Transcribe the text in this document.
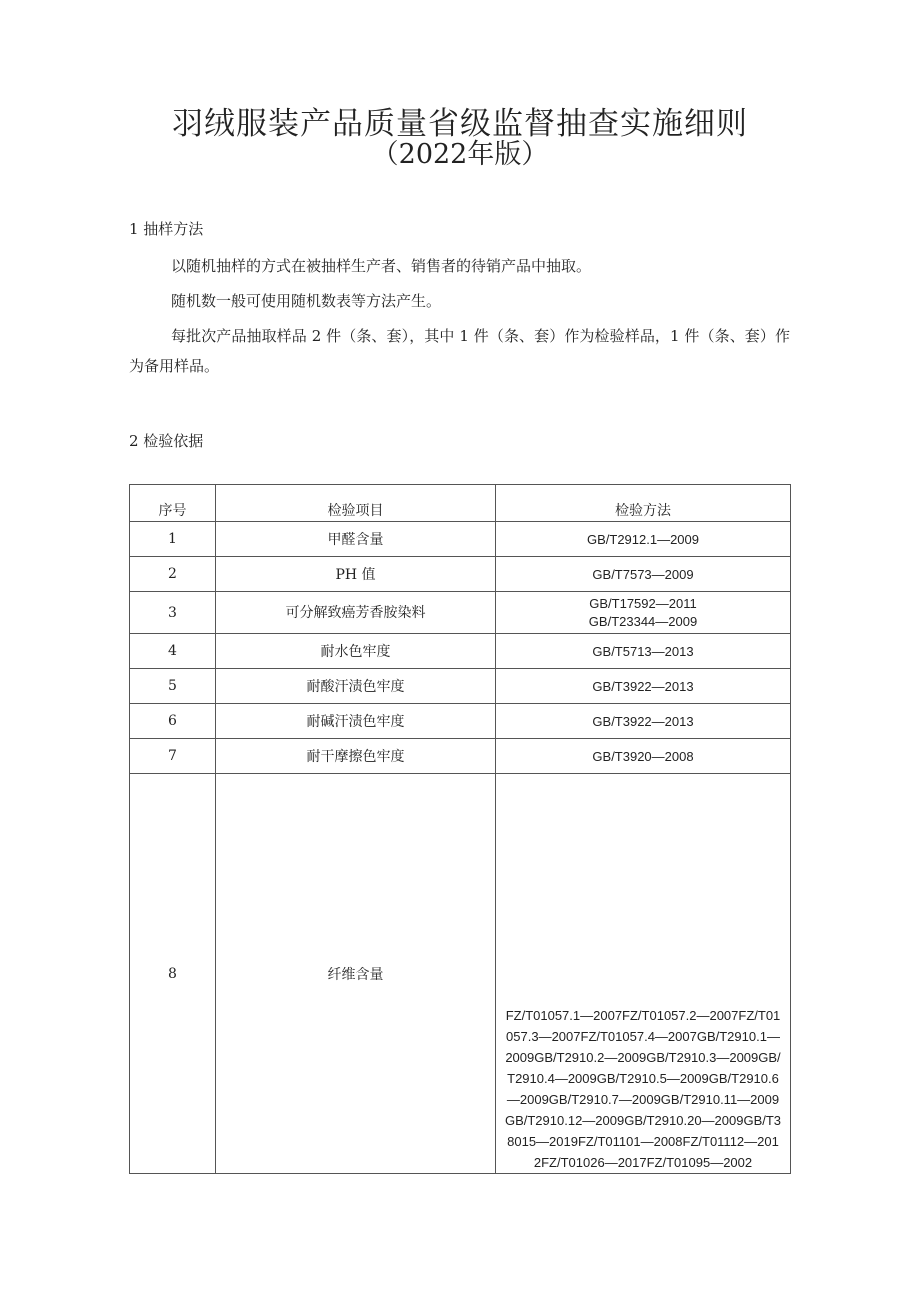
羽绒服装产品质量省级监督抽查实施细则
（2022年版）
1 抽样方法
以随机抽样的方式在被抽样生产者、销售者的待销产品中抽取。
随机数一般可使用随机数表等方法产生。
每批次产品抽取样品 2 件（条、套），其中 1 件（条、套）作为检验样品，1 件（条、套）作为备用样品。
2 检验依据
序号	检验项目	检验方法
1	甲醛含量	GB/T2912.1—2009
2	PH 值	GB/T7573—2009
3	可分解致癌芳香胺染料	GB/T17592—2011
GB/T23344—2009

4	耐水色牢度	GB/T5713—2013
5	耐酸汗渍色牢度	GB/T3922—2013
6	耐碱汗渍色牢度	GB/T3922—2013
7	耐干摩擦色牢度	GB/T3920—2008
8	纤维含量	FZ/T01057.1—2007FZ/T01057.2—2007FZ/T01057.3—2007FZ/T01057.4—2007GB/T2910.1—2009GB/T2910.2—2009GB/T2910.3—2009GB/T2910.4—2009GB/T2910.5—2009GB/T2910.6—2009GB/T2910.7—2009GB/T2910.11—2009GB/T2910.12—2009GB/T2910.20—2009GB/T38015—2019FZ/T01101—2008FZ/T01112—2012FZ/T01026—2017FZ/T01095—2002
